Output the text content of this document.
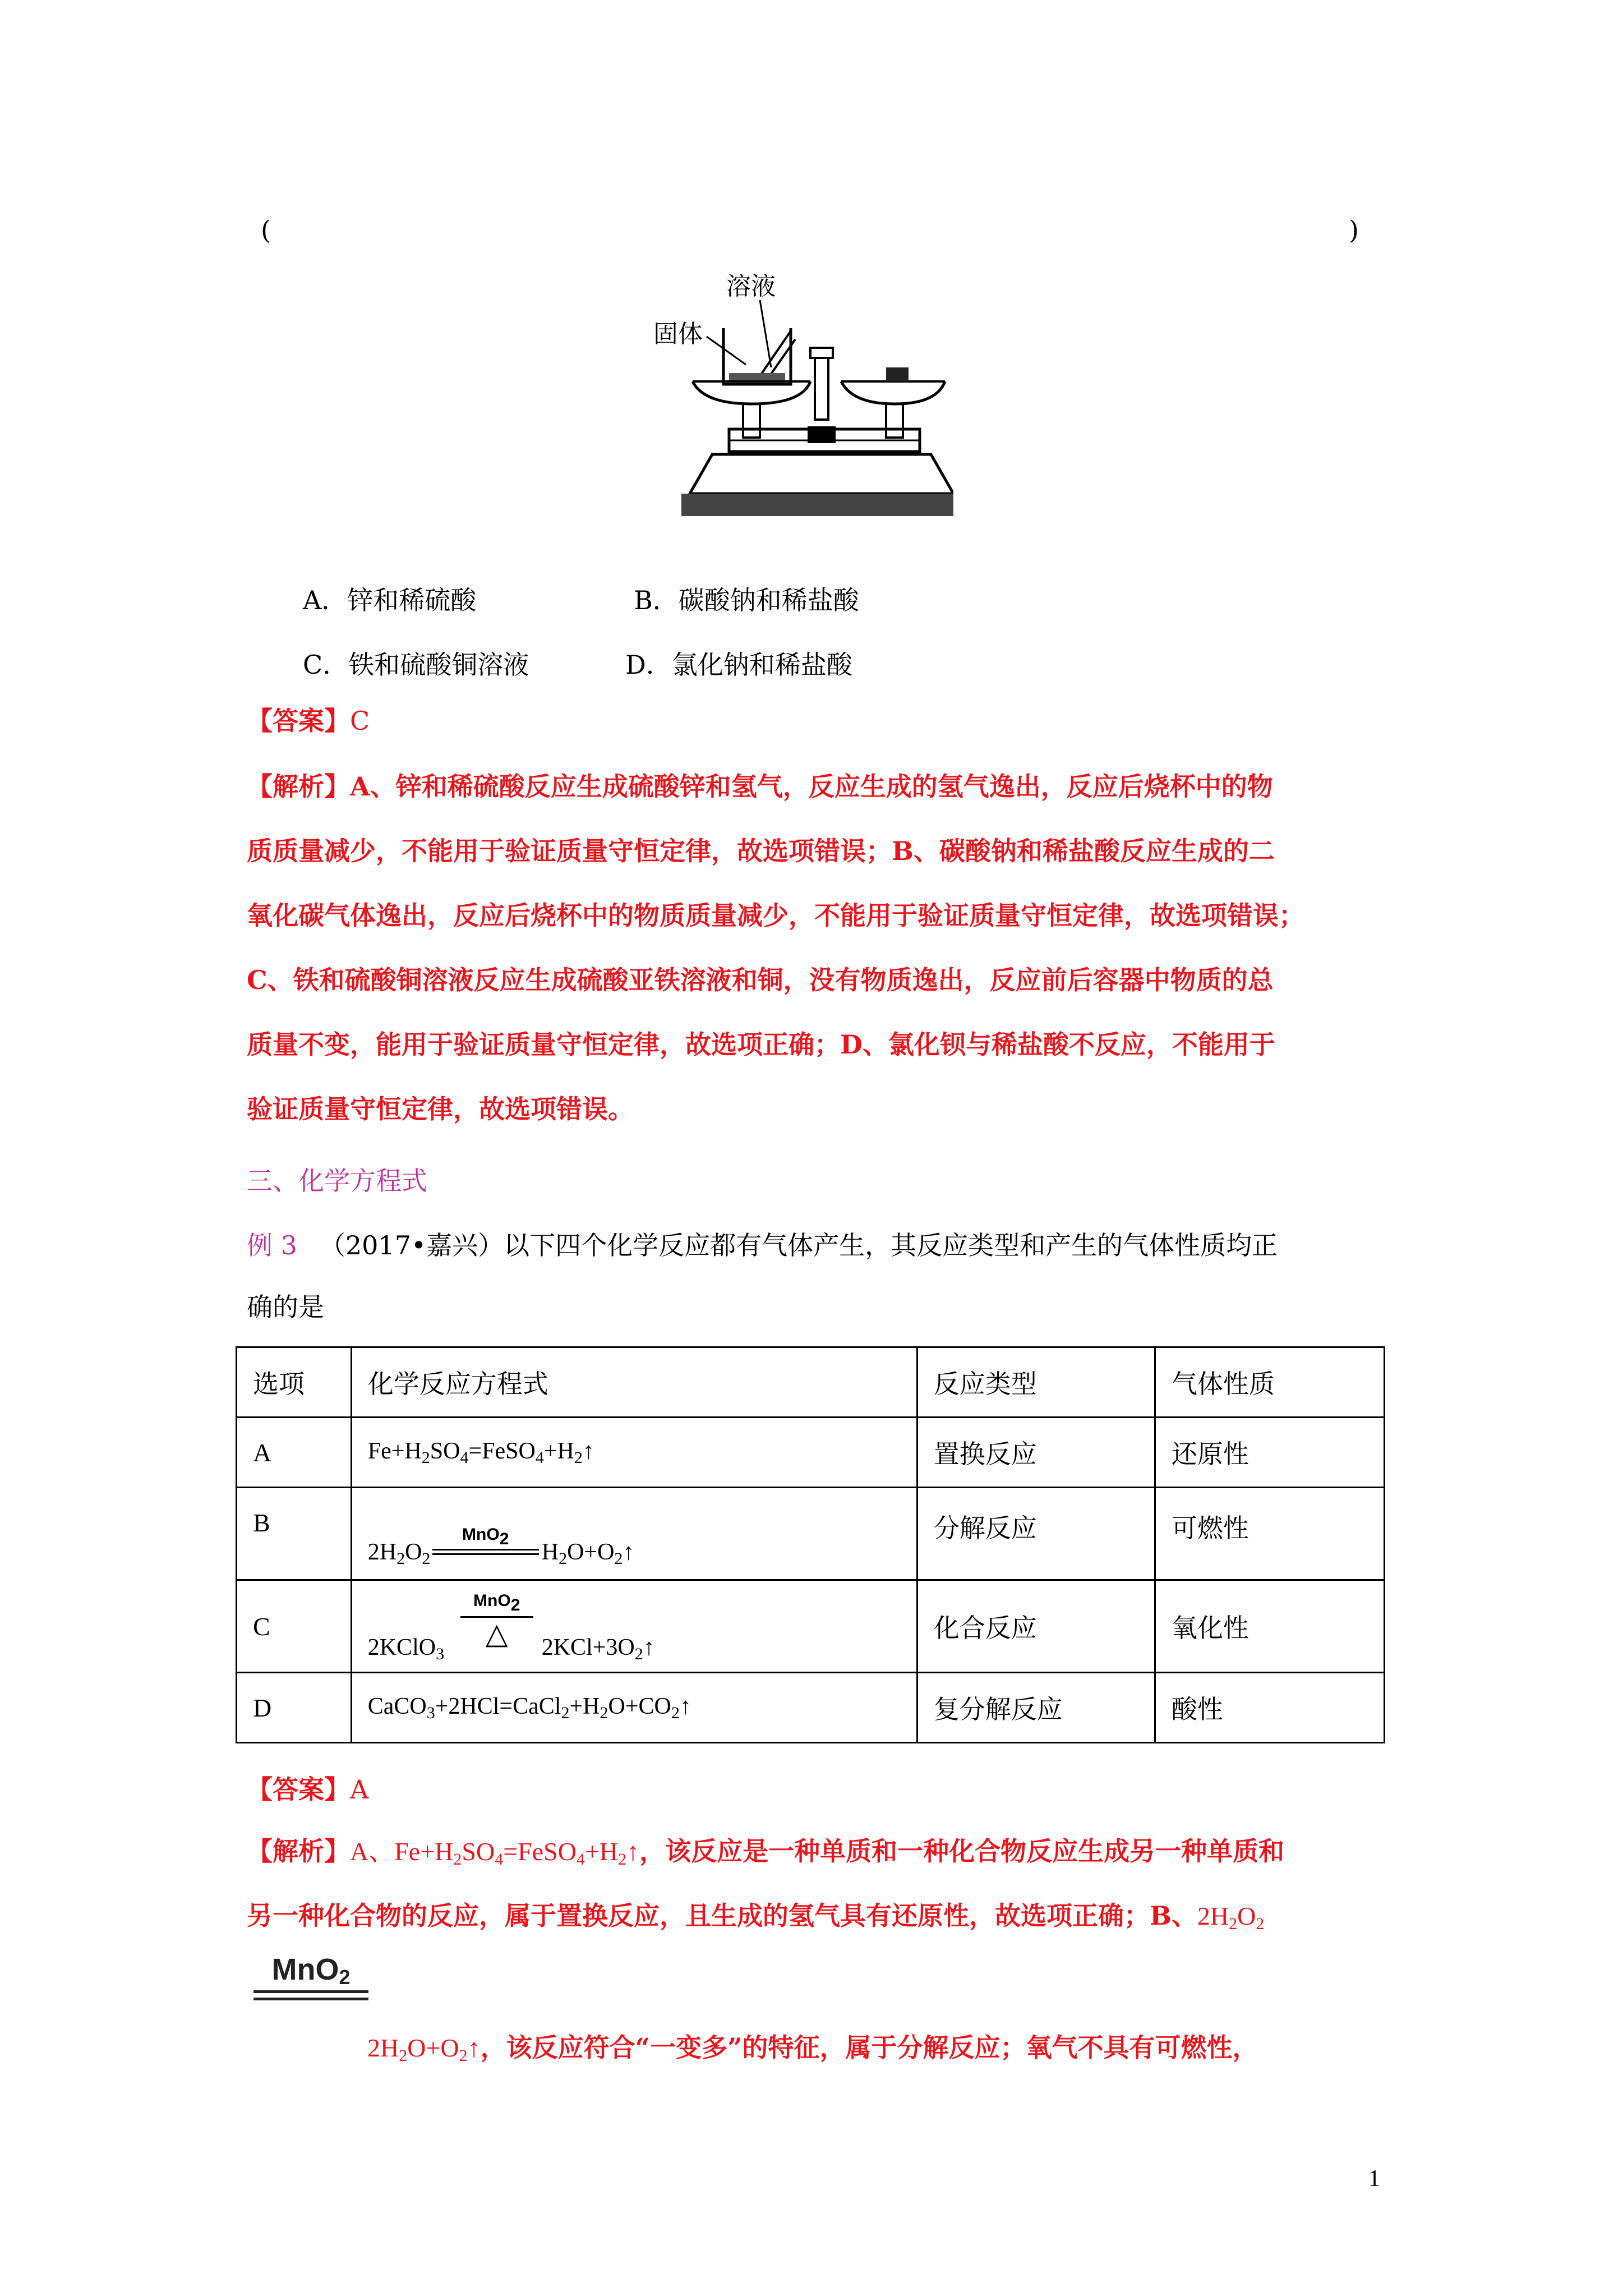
(	)
溶液
固体
A．锌和稀硫酸	B．碳酸钠和稀盐酸
C．铁和硫酸铜溶液	D．氯化钠和稀盐酸
【答案】C
【解析】A、锌和稀硫酸反应生成硫酸锌和氢气，反应生成的氢气逸出，反应后烧杯中的物
质质量减少，不能用于验证质量守恒定律，故选项错误；B、碳酸钠和稀盐酸反应生成的二
氧化碳气体逸出，反应后烧杯中的物质质量减少，不能用于验证质量守恒定律，故选项错误；
C、铁和硫酸铜溶液反应生成硫酸亚铁溶液和铜，没有物质逸出，反应前后容器中物质的总
质量不变，能用于验证质量守恒定律，故选项正确；D、氯化钡与稀盐酸不反应，不能用于
验证质量守恒定律，故选项错误。
三、化学方程式
例 3 （2017•嘉兴）以下四个化学反应都有气体产生，其反应类型和产生的气体性质均正
确的是
选项	化学反应方程式	反应类型	气体性质
A	$Fe+H_2SO_4=FeSO_4+H_2↑$	置换反应	还原性
B	$2H_2O_2$
MnO$_2$
$H_2O+O_2↑$	分解反应	可燃性
C	2KClO$_3$
MnO$_2$
△ $2KCl+3O_2↑$	化合反应	氧化性
D	$CaCO_3+2HCl=CaCl_2+H_2O+CO_2↑$	复分解反应	酸性
【答案】A
【解析】A、$Fe+H_2SO_4=FeSO_4+H_2↑$，该反应是一种单质和一种化合物反应生成另一种单质和
另一种化合物的反应，属于置换反应，且生成的氢气具有还原性，故选项正确；B、$2H_2O_2$
MnO$_2$
$2H_2O+O_2↑$，该反应符合“一变多”的特征，属于分解反应；氧气不具有可燃性，
1
